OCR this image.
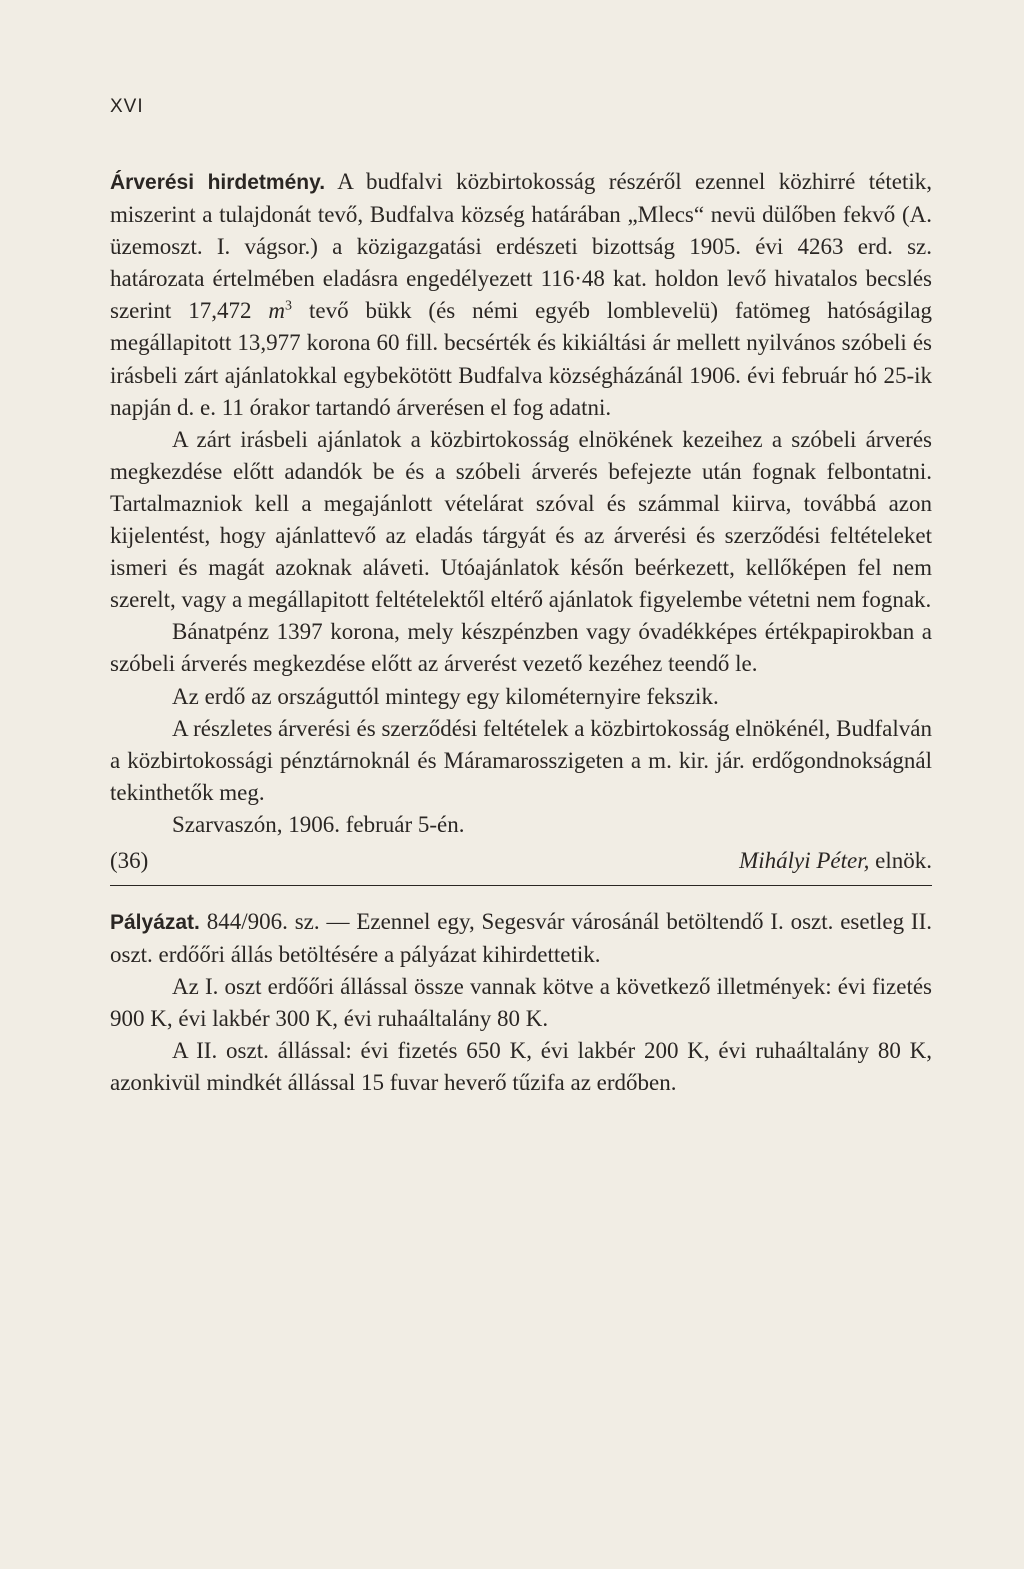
XVI

Árverési hirdetmény. A budfalvi közbirtokosság részéről ezennel közhirré tétetik, miszerint a tulajdonát tevő, Budfalva község határában „Mlecs“ nevü dülőben fekvő (A. üzemoszt. I. vágsor.) a közigazgatási erdészeti bizottság 1905. évi 4263 erd. sz. határozata értelmében eladásra engedélyezett 116·48 kat. holdon levő hivatalos becslés szerint 17,472 $m^3$ tevő bükk (és némi egyéb lomblevelü) fatömeg hatóságilag megállapitott 13,977 korona 60 fill. becsérték és kikiáltási ár mellett nyilvános szóbeli és irásbeli zárt ajánlatokkal egybekötött Budfalva községházánál 1906. évi február hó 25-ik napján d. e. 11 órakor tartandó árverésen el fog adatni.

A zárt irásbeli ajánlatok a közbirtokosság elnökének kezeihez a szóbeli árverés megkezdése előtt adandók be és a szóbeli árverés befejezte után fognak felbontatni. Tartalmazniok kell a megajánlott vételárat szóval és számmal kiirva, továbbá azon kijelentést, hogy ajánlattevő az eladás tárgyát és az árverési és szerződési feltételeket ismeri és magát azoknak aláveti. Utóajánlatok későn beérkezett, kellőképen fel nem szerelt, vagy a megállapitott feltételektől eltérő ajánlatok figyelembe vétetni nem fognak.

Bánatpénz 1397 korona, mely készpénzben vagy óvadékképes értékpapirokban a szóbeli árverés megkezdése előtt az árverést vezető kezéhez teendő le.

Az erdő az országuttól mintegy egy kilométernyire fekszik.

A részletes árverési és szerződési feltételek a közbirtokosság elnökénél, Budfalván a közbirtokossági pénztárnoknál és Máramarosszigeten a m. kir. jár. erdőgondnokságnál tekinthetők meg.

Szarvaszón, 1906. február 5-én.

(36)	Mihályi Péter, elnök.

Pályázat. 844/906. sz. — Ezennel egy, Segesvár városánál betöltendő I. oszt. esetleg II. oszt. erdőőri állás betöltésére a pályázat kihirdettetik.

Az I. oszt erdőőri állással össze vannak kötve a következő illetmények: évi fizetés 900 K, évi lakbér 300 K, évi ruhaáltalány 80 K.

A II. oszt. állással: évi fizetés 650 K, évi lakbér 200 K, évi ruhaáltalány 80 K, azonkivül mindkét állással 15 fuvar heverő tűzifa az erdőben.
